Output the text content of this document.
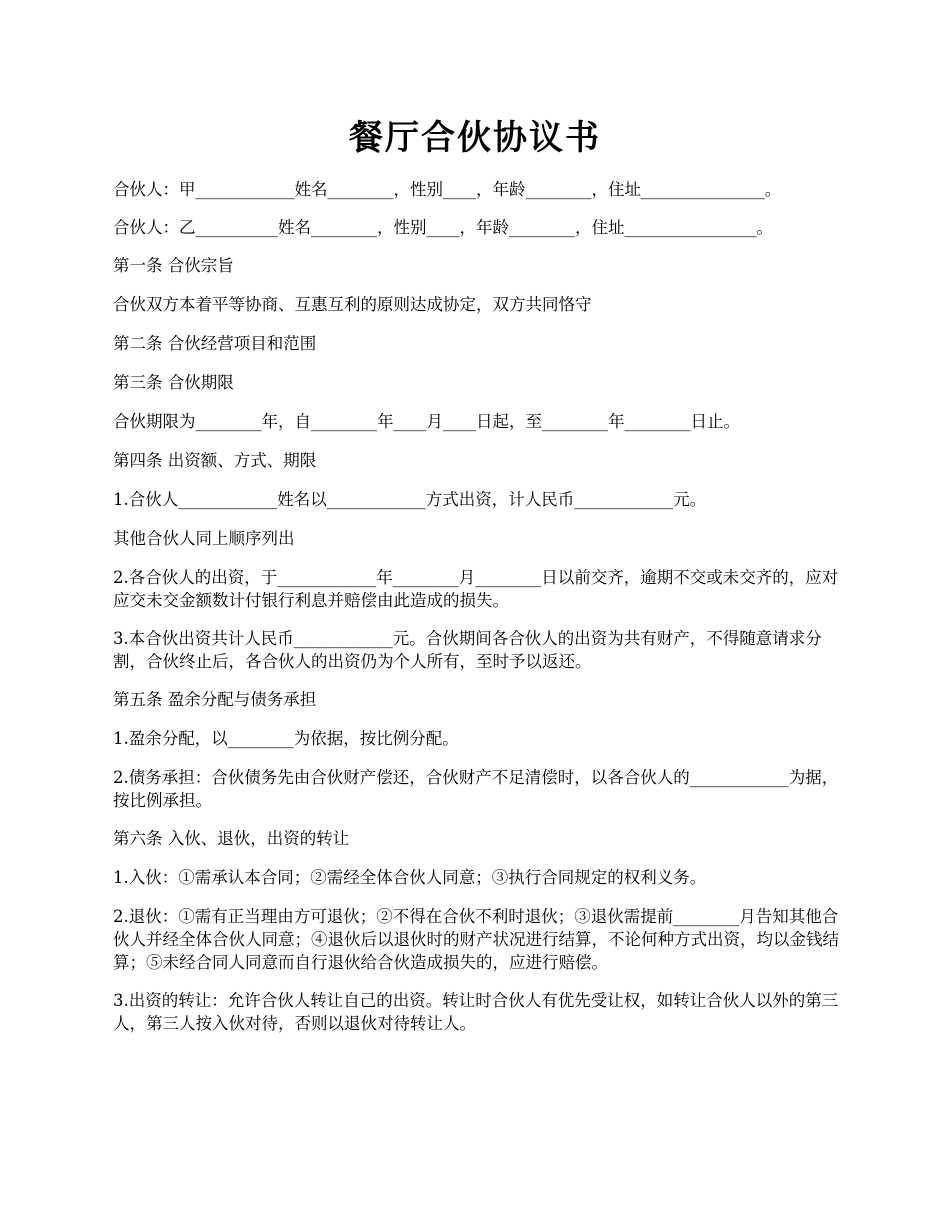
餐厅合伙协议书

合伙人：甲____________姓名________，性别____，年龄________，住址_______________。

合伙人：乙__________姓名________，性别____，年龄________，住址________________。

第一条 合伙宗旨

合伙双方本着平等协商、互惠互利的原则达成协定，双方共同恪守

第二条 合伙经营项目和范围

第三条 合伙期限

合伙期限为________年，自________年____月____日起，至________年________日止。

第四条 出资额、方式、期限

1.合伙人____________姓名以____________方式出资，计人民币____________元。

其他合伙人同上顺序列出

2.各合伙人的出资，于____________年________月________日以前交齐，逾期不交或未交齐的，应对应交未交金额数计付银行利息并赔偿由此造成的损失。

3.本合伙出资共计人民币____________元。合伙期间各合伙人的出资为共有财产，不得随意请求分割，合伙终止后，各合伙人的出资仍为个人所有，至时予以返还。

第五条 盈余分配与债务承担

1.盈余分配，以________为依据，按比例分配。

2.债务承担：合伙债务先由合伙财产偿还，合伙财产不足清偿时，以各合伙人的____________为据，按比例承担。

第六条 入伙、退伙，出资的转让

1.入伙：①需承认本合同；②需经全体合伙人同意；③执行合同规定的权利义务。

2.退伙：①需有正当理由方可退伙；②不得在合伙不利时退伙；③退伙需提前________月告知其他合伙人并经全体合伙人同意；④退伙后以退伙时的财产状况进行结算，不论何种方式出资，均以金钱结算；⑤未经合同人同意而自行退伙给合伙造成损失的，应进行赔偿。

3.出资的转让：允许合伙人转让自己的出资。转让时合伙人有优先受让权，如转让合伙人以外的第三人，第三人按入伙对待，否则以退伙对待转让人。
